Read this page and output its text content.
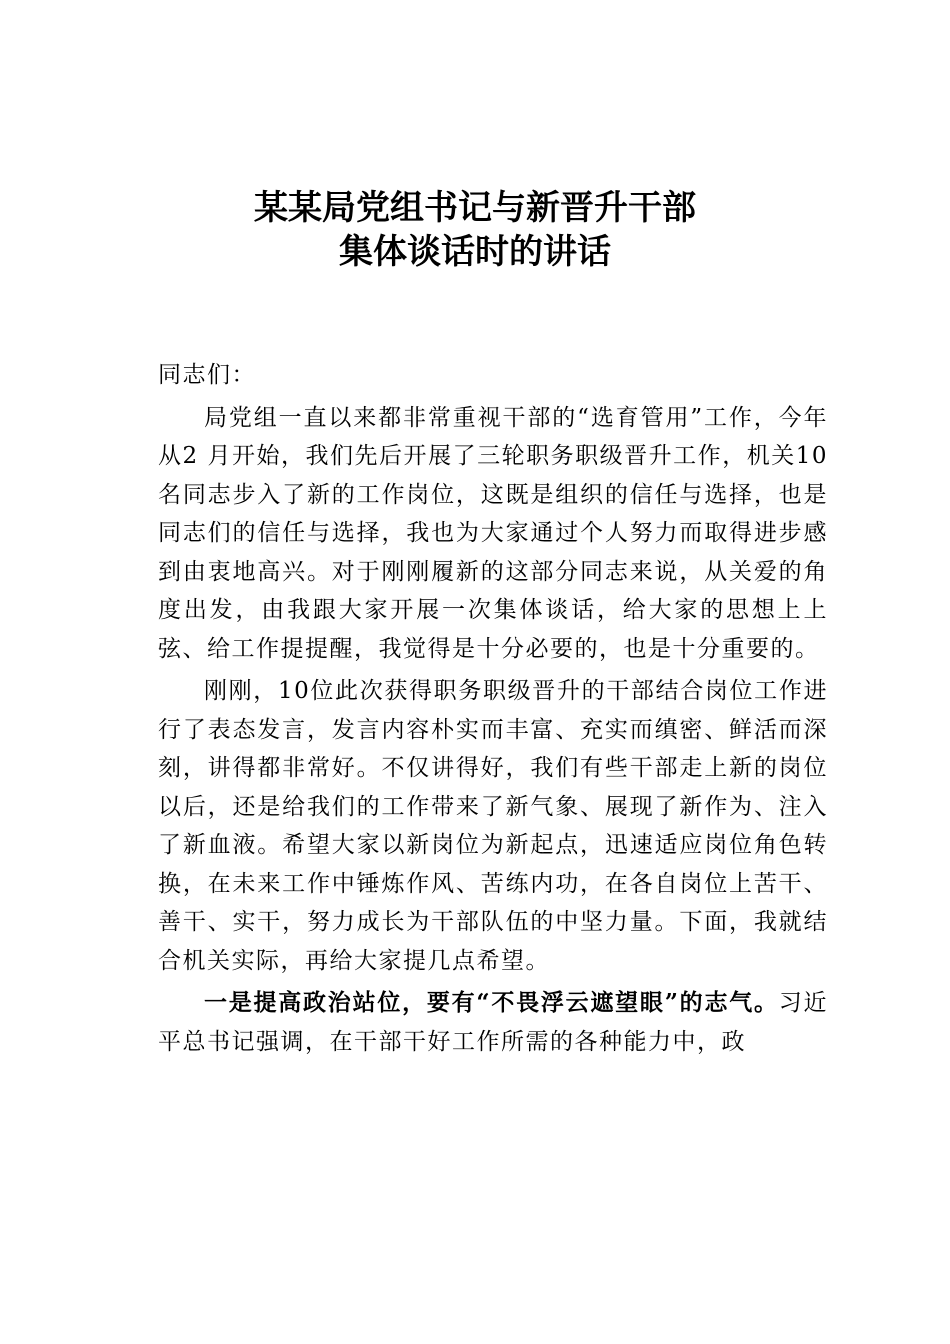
某某局党组书记与新晋升干部
集体谈话时的讲话

同志们：

局党组一直以来都非常重视干部的“选育管用”工作，今年从2 月开始，我们先后开展了三轮职务职级晋升工作，机关10名同志步入了新的工作岗位，这既是组织的信任与选择，也是同志们的信任与选择，我也为大家通过个人努力而取得进步感到由衷地高兴。对于刚刚履新的这部分同志来说，从关爱的角度出发，由我跟大家开展一次集体谈话，给大家的思想上上弦、给工作提提醒，我觉得是十分必要的，也是十分重要的。

刚刚，10位此次获得职务职级晋升的干部结合岗位工作进行了表态发言，发言内容朴实而丰富、充实而缜密、鲜活而深刻，讲得都非常好。不仅讲得好，我们有些干部走上新的岗位以后，还是给我们的工作带来了新气象、展现了新作为、注入了新血液。希望大家以新岗位为新起点，迅速适应岗位角色转换，在未来工作中锤炼作风、苦练内功，在各自岗位上苦干、善干、实干，努力成长为干部队伍的中坚力量。下面，我就结合机关实际，再给大家提几点希望。

一是提高政治站位，要有“不畏浮云遮望眼”的志气。习近平总书记强调，在干部干好工作所需的各种能力中，政
